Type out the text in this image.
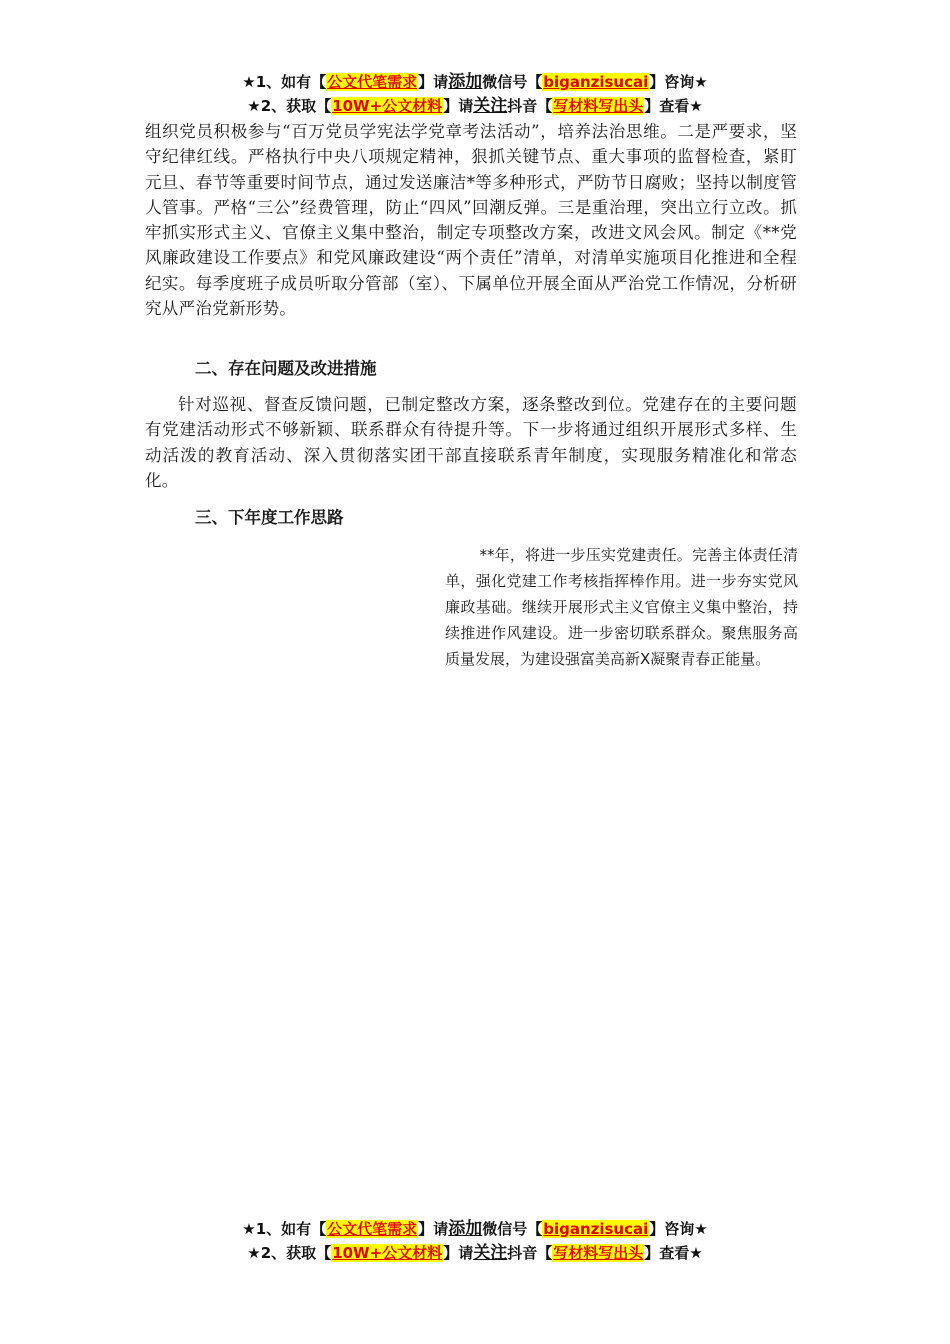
★1、如有【公文代笔需求】请添加微信号【biganzisucai】咨询★
★2、获取【10W+公文材料】请关注抖音【写材料写出头】查看★
组织党员积极参与“百万党员学宪法学党章考法活动”，培养法治思维。二是严要求，坚守纪律红线。严格执行中央八项规定精神，狠抓关键节点、重大事项的监督检查，紧盯元旦、春节等重要时间节点，通过发送廉洁*等多种形式，严防节日腐败；坚持以制度管人管事。严格“三公”经费管理，防止“四风”回潮反弹。三是重治理，突出立行立改。抓牢抓实形式主义、官僚主义集中整治，制定专项整改方案，改进文风会风。制定《**党风廉政建设工作要点》和党风廉政建设“两个责任”清单，对清单实施项目化推进和全程纪实。每季度班子成员听取分管部（室）、下属单位开展全面从严治党工作情况，分析研究从严治党新形势。
二、存在问题及改进措施
针对巡视、督查反馈问题，已制定整改方案，逐条整改到位。党建存在的主要问题有党建活动形式不够新颖、联系群众有待提升等。下一步将通过组织开展形式多样、生动活泼的教育活动、深入贯彻落实团干部直接联系青年制度，实现服务精准化和常态化。
三、下年度工作思路
**年，将进一步压实党建责任。完善主体责任清单，强化党建工作考核指挥棒作用。进一步夯实党风廉政基础。继续开展形式主义官僚主义集中整治，持续推进作风建设。进一步密切联系群众。聚焦服务高质量发展，为建设强富美高新X凝聚青春正能量。
★1、如有【公文代笔需求】请添加微信号【biganzisucai】咨询★
★2、获取【10W+公文材料】请关注抖音【写材料写出头】查看★
